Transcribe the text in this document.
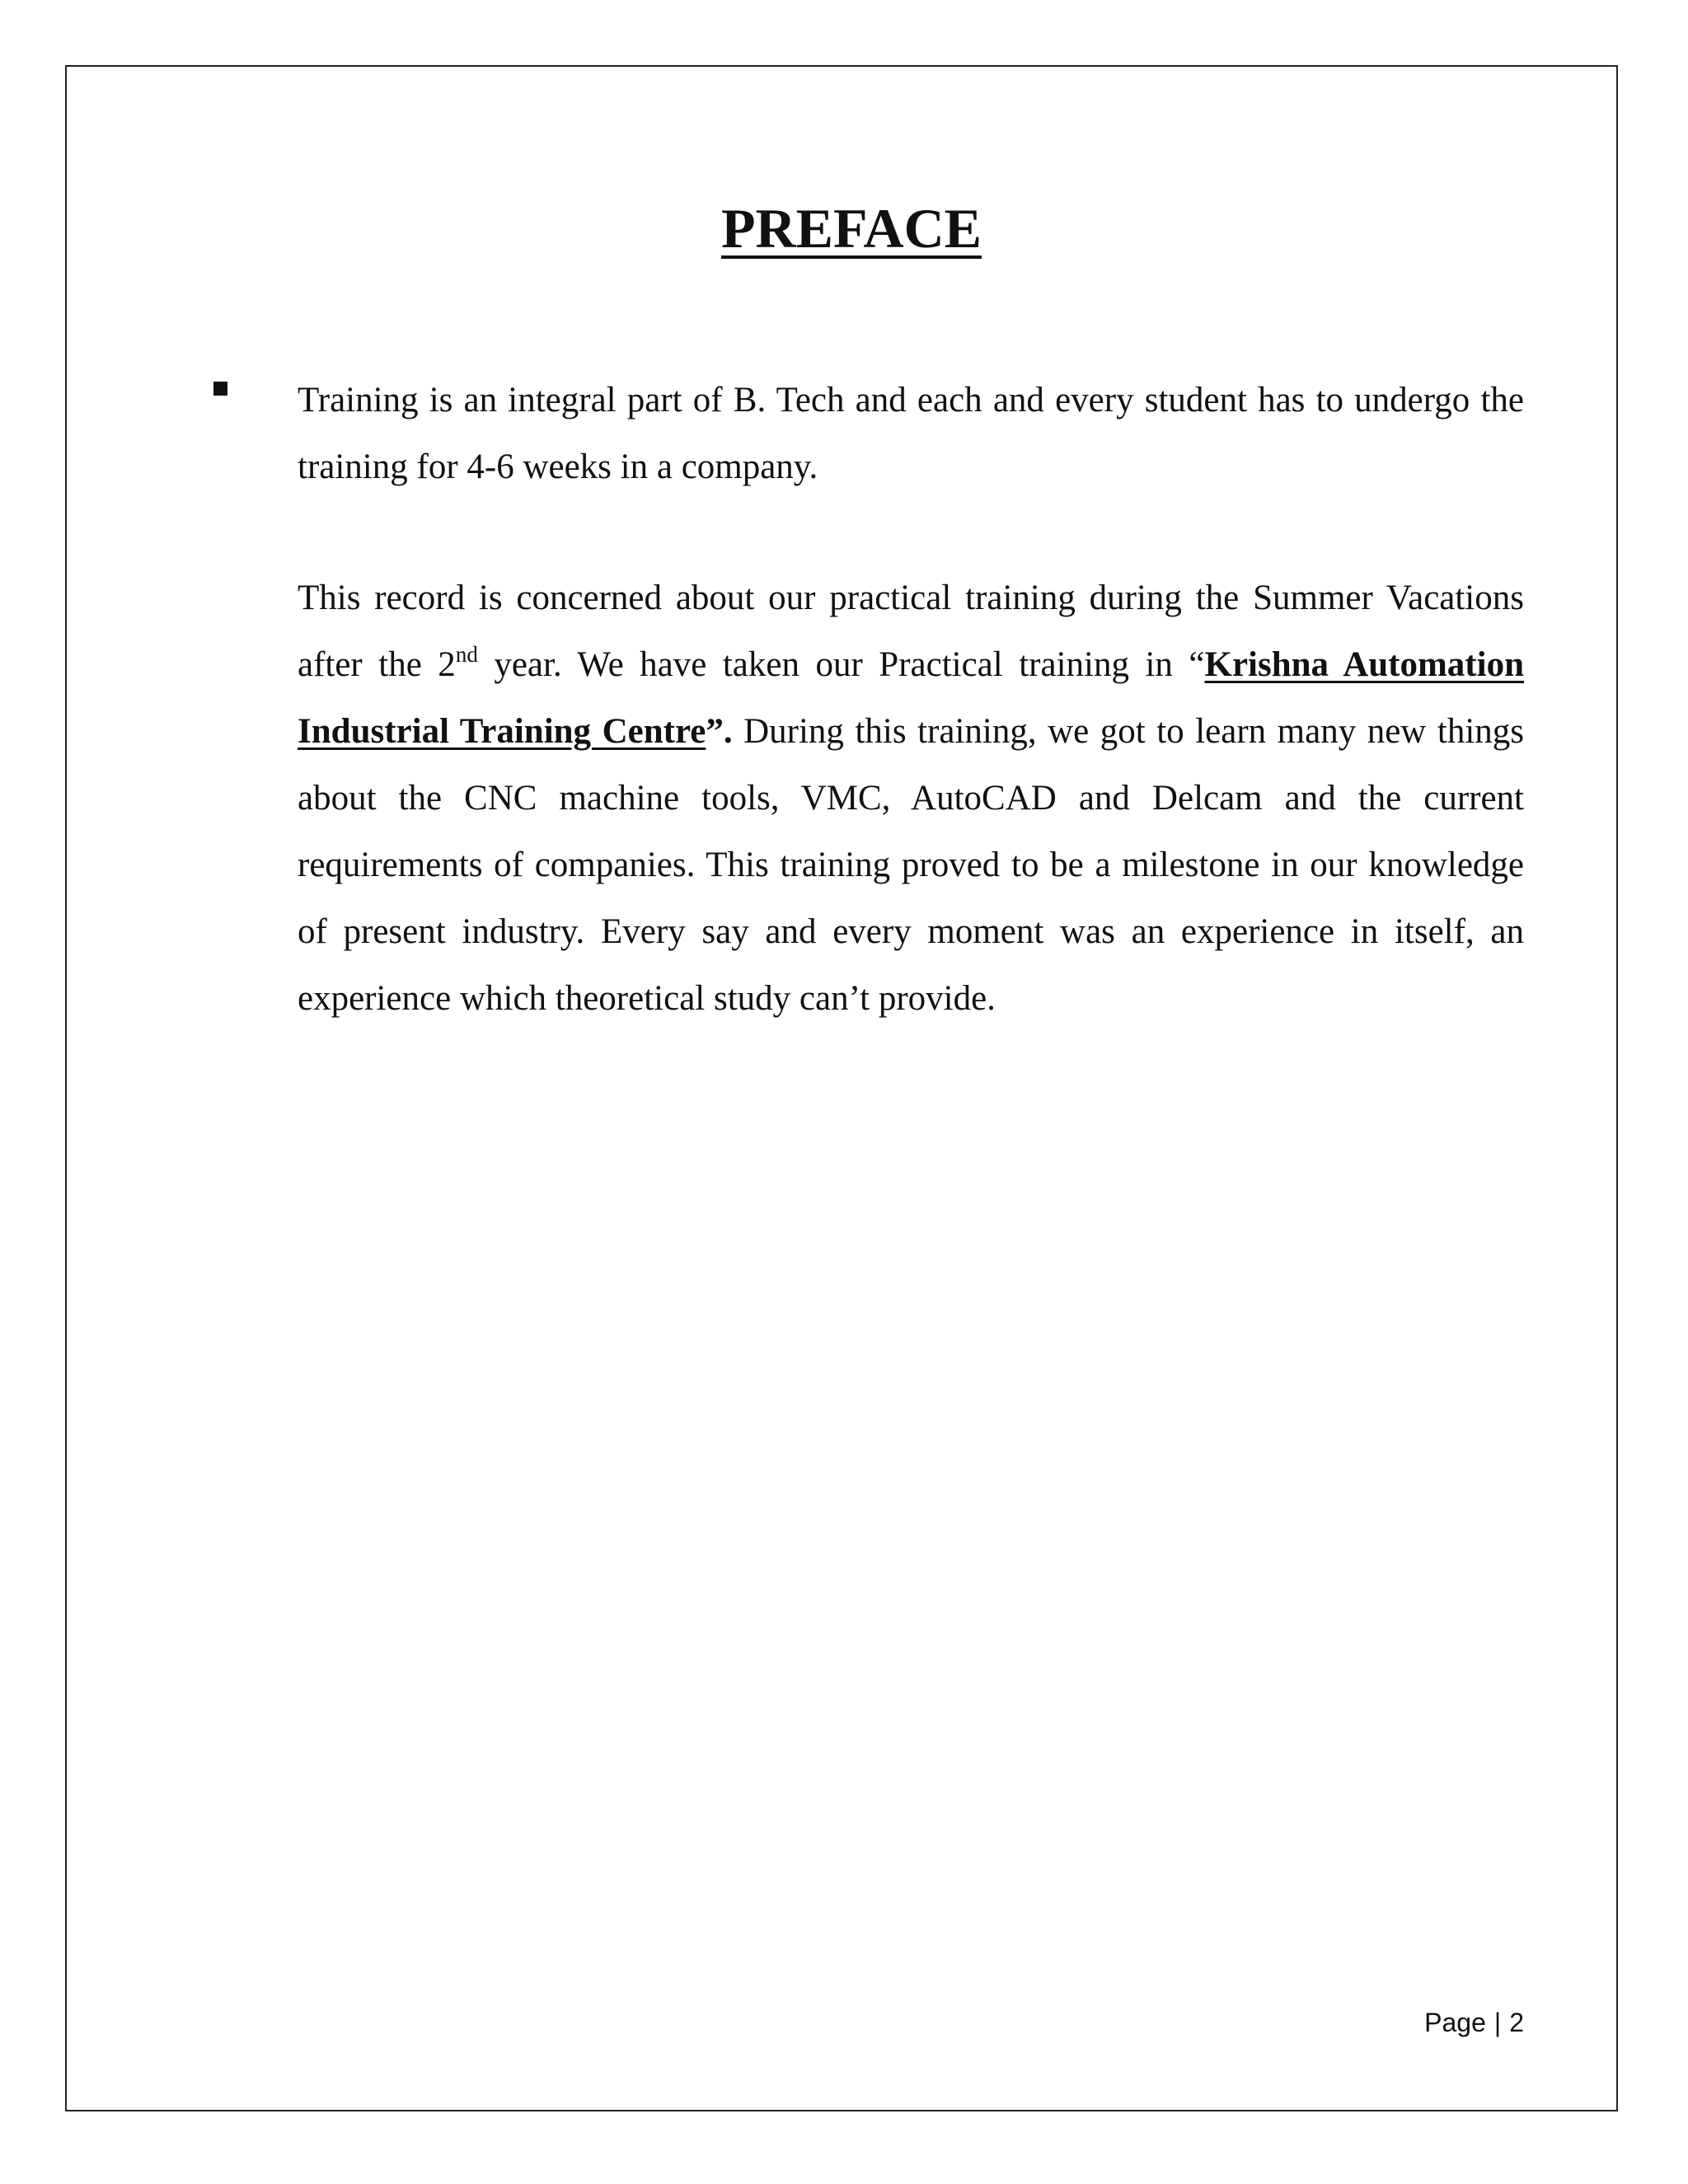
PREFACE

Training is an integral part of B. Tech and each and every student has to undergo the training for 4-6 weeks in a company.

This record is concerned about our practical training during the Summer Vacations after the 2nd year. We have taken our Practical training in “Krishna Automation Industrial Training Centre”. During this training, we got to learn many new things about the CNC machine tools, VMC, AutoCAD and Delcam and the current requirements of companies. This training proved to be a milestone in our knowledge of present industry. Every say and every moment was an experience in itself, an experience which theoretical study can’t provide.

Page | 2
